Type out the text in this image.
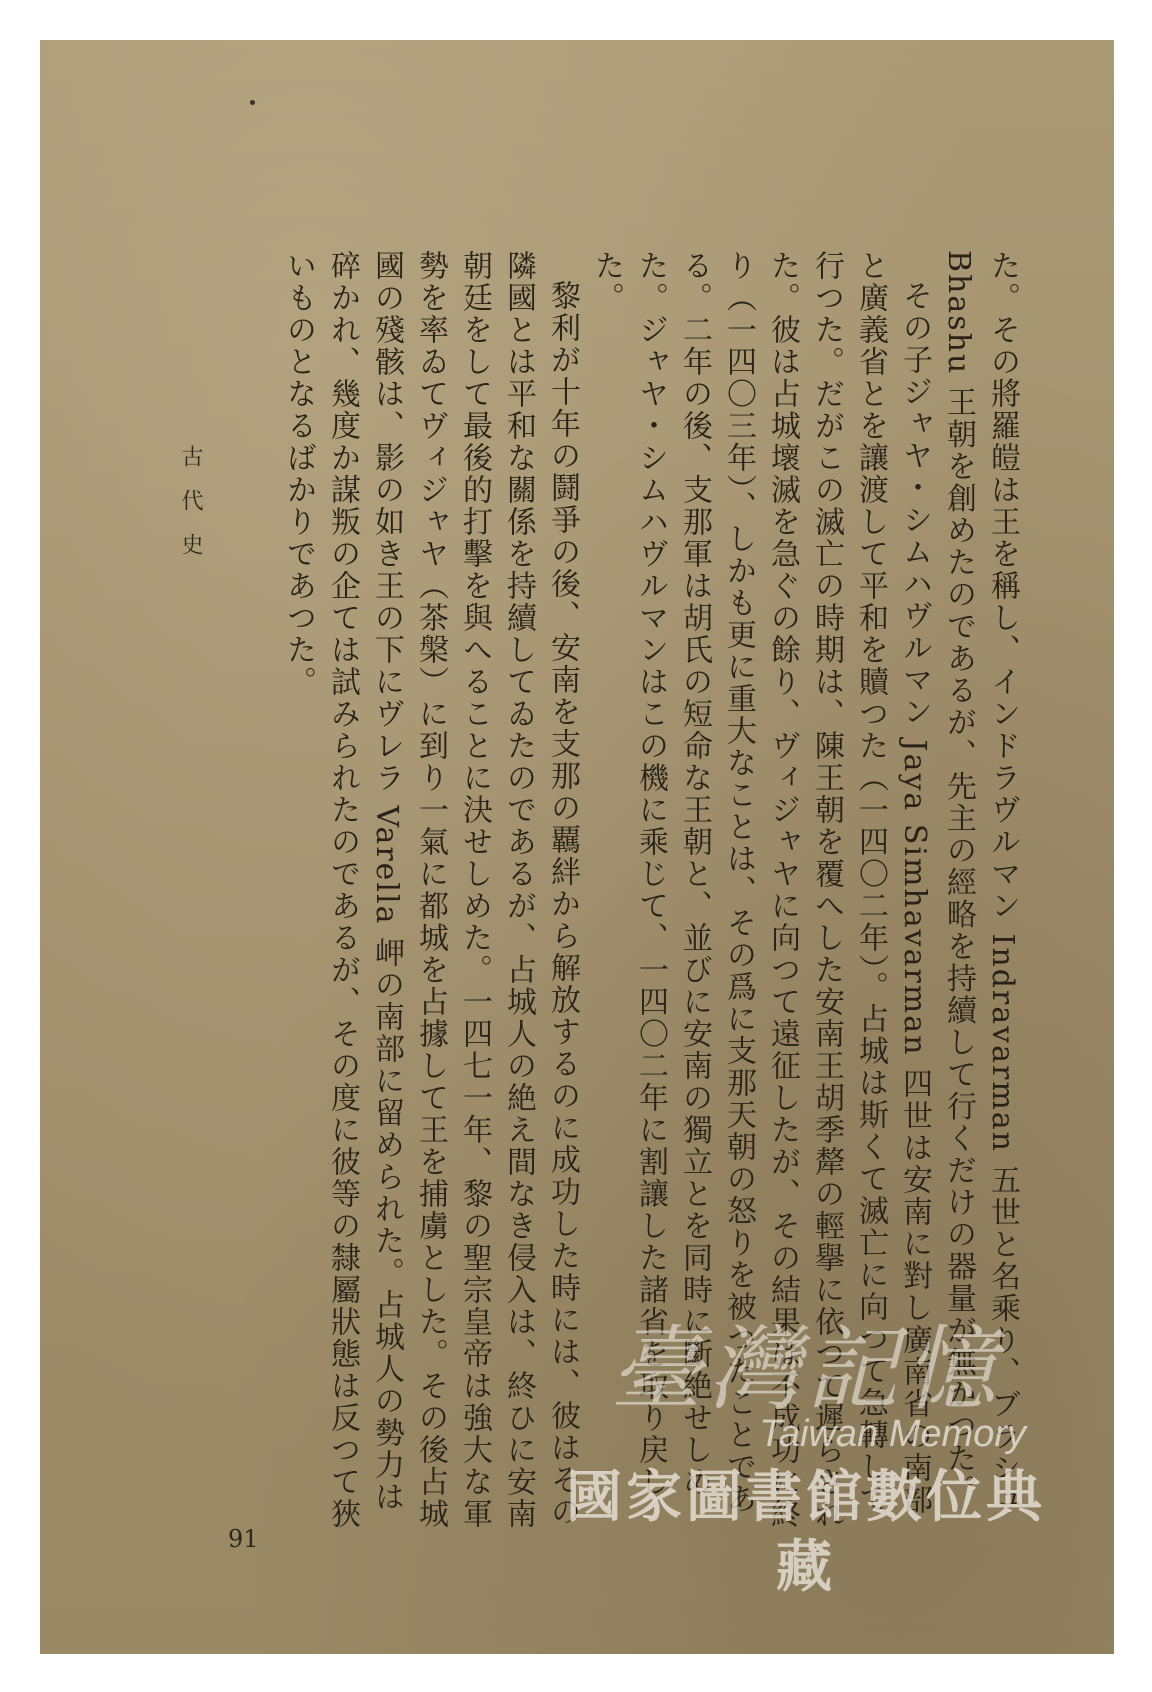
た。その將羅皚は王を稱し、インドラヴルマン Indravarman 五世と名乘り、ブラシュ Bhashu 王朝を創めたのであるが、先主の經略を持續して行くだけの器量が無かつた。

その子ジャヤ・シムハヴルマン Jaya Simhavarman 四世は安南に對し廣南省の南部と廣義省とを讓渡して平和を贖つた（一四〇二年）。占城は斯くて滅亡に向つて急轉して行つた。だがこの滅亡の時期は、陳王朝を覆へした安南王胡季犛の輕擧に依つて遲らされた。彼は占城壞滅を急ぐの餘り、ヴィジャヤに向つて遠征したが、その結果は不成功に終り（一四〇三年）、しかも更に重大なことは、その爲に支那天朝の怒りを被つたことである。二年の後、支那軍は胡氏の短命な王朝と、並びに安南の獨立とを同時に斷絶せしめた。ジャヤ・シムハヴルマンはこの機に乘じて、一四〇二年に割讓した諸省を取り戻した。

黎利が十年の鬪爭の後、安南を支那の覊絆から解放するのに成功した時には、彼はその隣國とは平和な關係を持續してゐたのであるが、占城人の絶え間なき侵入は、終ひに安南朝廷をして最後的打擊を與へることに決せしめた。一四七一年、黎の聖宗皇帝は強大な軍勢を率ゐてヴィジャヤ（茶槃）に到り一氣に都城を占據して王を捕虜とした。その後占城國の殘骸は、影の如き王の下にヴレラ Varella 岬の南部に留められた。占城人の勢力は碎かれ、幾度か謀叛の企ては試みられたのであるが、その度に彼等の隸屬狀態は反つて狹いものとなるばかりであつた。

古代史
91
臺灣記憶
Taiwan Memory
國家圖書館數位典藏
